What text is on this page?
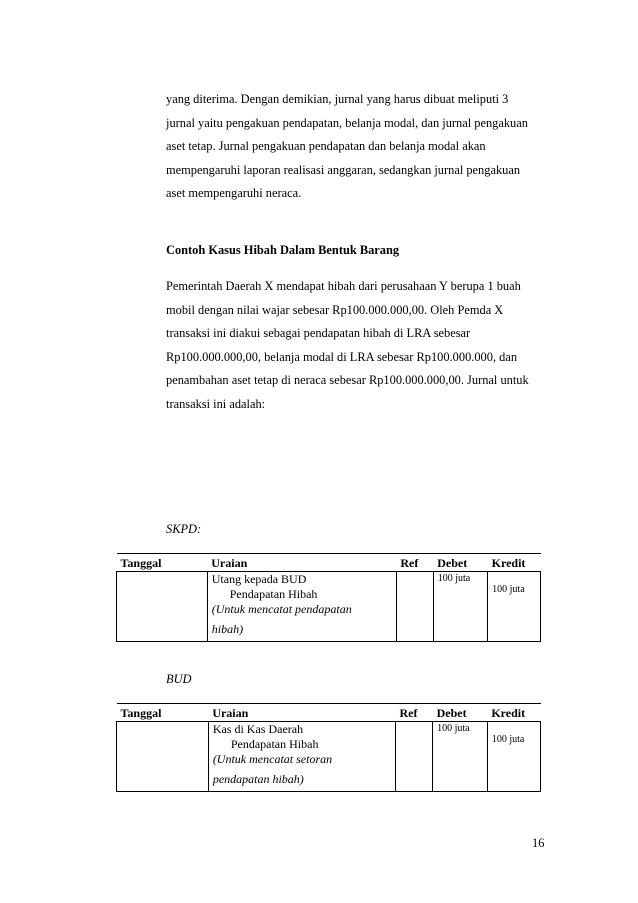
yang diterima. Dengan demikian, jurnal yang harus dibuat meliputi 3
jurnal yaitu pengakuan pendapatan, belanja modal, dan jurnal pengakuan
aset tetap. Jurnal pengakuan pendapatan dan belanja modal akan
mempengaruhi laporan realisasi anggaran, sedangkan jurnal pengakuan
aset mempengaruhi neraca.

Contoh Kasus Hibah Dalam Bentuk Barang

Pemerintah Daerah X mendapat hibah dari perusahaan Y berupa 1 buah
mobil dengan nilai wajar sebesar Rp100.000.000,00. Oleh Pemda X
transaksi ini diakui sebagai pendapatan hibah di LRA sebesar
Rp100.000.000,00, belanja modal di LRA sebesar Rp100.000.000, dan
penambahan aset tetap di neraca sebesar Rp100.000.000,00. Jurnal untuk
transaksi ini adalah:

SKPD:

Tanggal	Uraian	Ref	Debet	Kredit

	Utang kepada BUD
Pendapatan Hibah
(Untuk mencatat pendapatan
hibah)		100 juta	100 juta

BUD

Tanggal	Uraian	Ref	Debet	Kredit

	Kas di Kas Daerah
Pendapatan Hibah
(Untuk mencatat setoran
pendapatan hibah)		100 juta	100 juta

16
